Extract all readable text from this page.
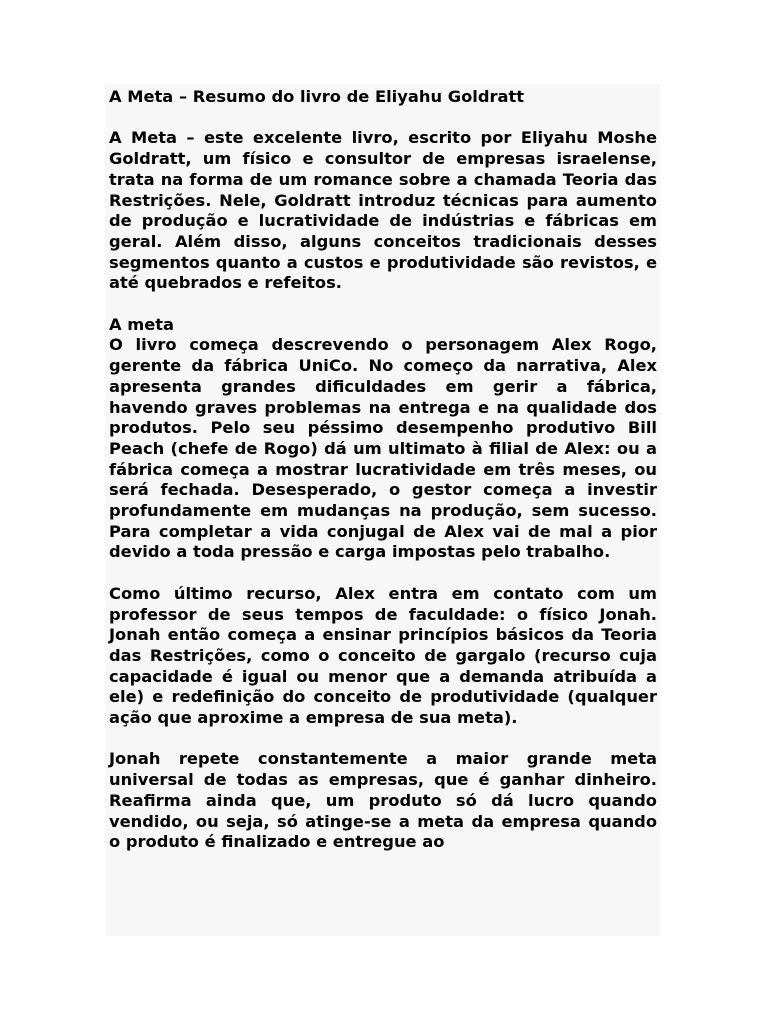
A Meta – Resumo do livro de Eliyahu Goldratt

A Meta – este excelente livro, escrito por Eliyahu Moshe Goldratt, um físico e consultor de empresas israelense, trata na forma de um romance sobre a chamada Teoria das Restrições. Nele, Goldratt introduz técnicas para aumento de produção e lucratividade de indústrias e fábricas em geral. Além disso, alguns conceitos tradicionais desses segmentos quanto a custos e produtividade são revistos, e até quebrados e refeitos.

A meta

O livro começa descrevendo o personagem Alex Rogo, gerente da fábrica UniCo. No começo da narrativa, Alex apresenta grandes dificuldades em gerir a fábrica, havendo graves problemas na entrega e na qualidade dos produtos. Pelo seu péssimo desempenho produtivo Bill Peach (chefe de Rogo) dá um ultimato à filial de Alex: ou a fábrica começa a mostrar lucratividade em três meses, ou será fechada. Desesperado, o gestor começa a investir profundamente em mudanças na produção, sem sucesso. Para completar a vida conjugal de Alex vai de mal a pior devido a toda pressão e carga impostas pelo trabalho.

Como último recurso, Alex entra em contato com um professor de seus tempos de faculdade: o físico Jonah. Jonah então começa a ensinar princípios básicos da Teoria das Restrições, como o conceito de gargalo (recurso cuja capacidade é igual ou menor que a demanda atribuída a ele) e redefinição do conceito de produtividade (qualquer ação que aproxime a empresa de sua meta).

Jonah repete constantemente a maior grande meta universal de todas as empresas, que é ganhar dinheiro. Reafirma ainda que, um produto só dá lucro quando vendido, ou seja, só atinge-se a meta da empresa quando o produto é finalizado e entregue ao
